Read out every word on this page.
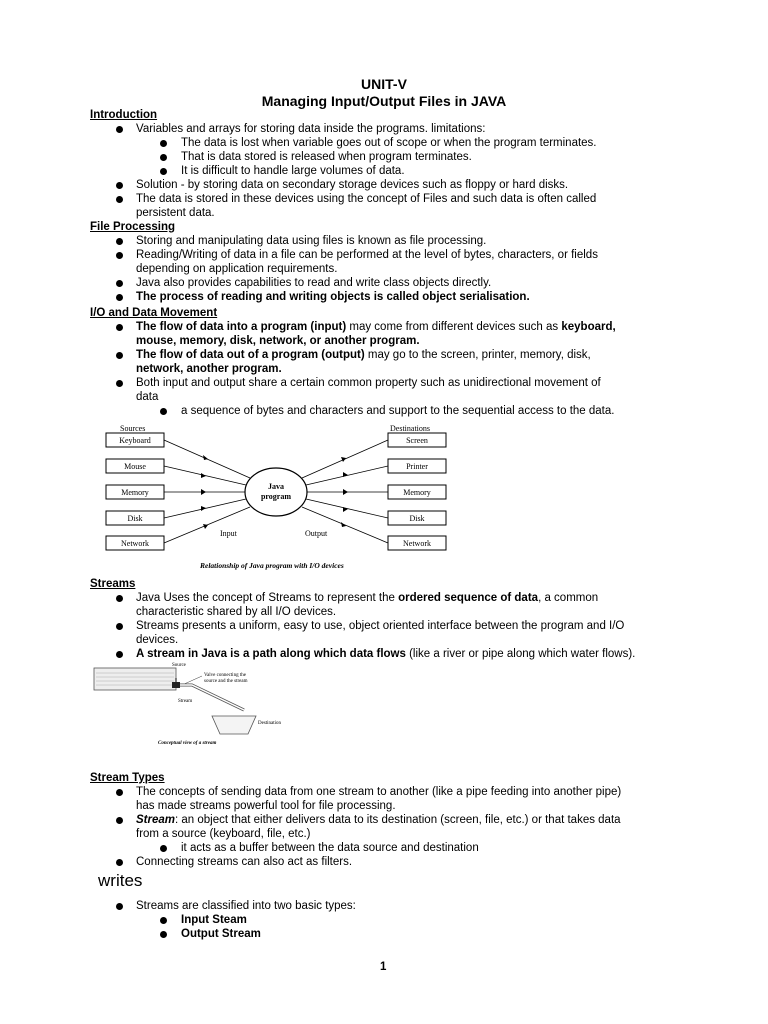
UNIT-V
Managing Input/Output Files in JAVA
Introduction
Variables and arrays for storing data inside the programs. limitations:
The data is lost when variable goes out of scope or when the program terminates.
That is data stored is released when program terminates.
It is difficult to handle large volumes of data.
Solution - by storing data on secondary storage devices such as floppy or hard disks.
The data is stored in these devices using the concept of Files and such data is often called
persistent data.
File Processing
Storing and manipulating data using files is known as file processing.
Reading/Writing of data in a file can be performed at the level of bytes, characters, or fields
depending on application requirements.
Java also provides capabilities to read and write class objects directly.
The process of reading and writing objects is called object serialisation.
I/O and Data Movement
The flow of data into a program (input) may come from different devices such as keyboard,
mouse, memory, disk, network, or another program.
The flow of data out of a program (output) may go to the screen, printer, memory, disk,
network, another program.
Both input and output share a certain common property such as unidirectional movement of
data
a sequence of bytes and characters and support to the sequential access to the data.
Sources	Destinations
Keyboard
Mouse
Memory
Disk
Network
Screen
Printer
Memory
Disk
Network
Java
program
Input	Output
Relationship of Java program with I/O devices
Streams
Java Uses the concept of Streams to represent the ordered sequence of data, a common
characteristic shared by all I/O devices.
Streams presents a uniform, easy to use, object oriented interface between the program and I/O
devices.
A stream in Java is a path along which data flows (like a river or pipe along which water flows).
Source
Valve connecting the
source and the stream
Stream
Destination
Conceptual view of a stream
Stream Types
The concepts of sending data from one stream to another (like a pipe feeding into another pipe)
has made streams powerful tool for file processing.
Stream: an object that either delivers data to its destination (screen, file, etc.) or that takes data
from a source (keyboard, file, etc.)
it acts as a buffer between the data source and destination
Connecting streams can also act as filters.
writes
Streams are classified into two basic types:
Input Steam
Output Stream
1
